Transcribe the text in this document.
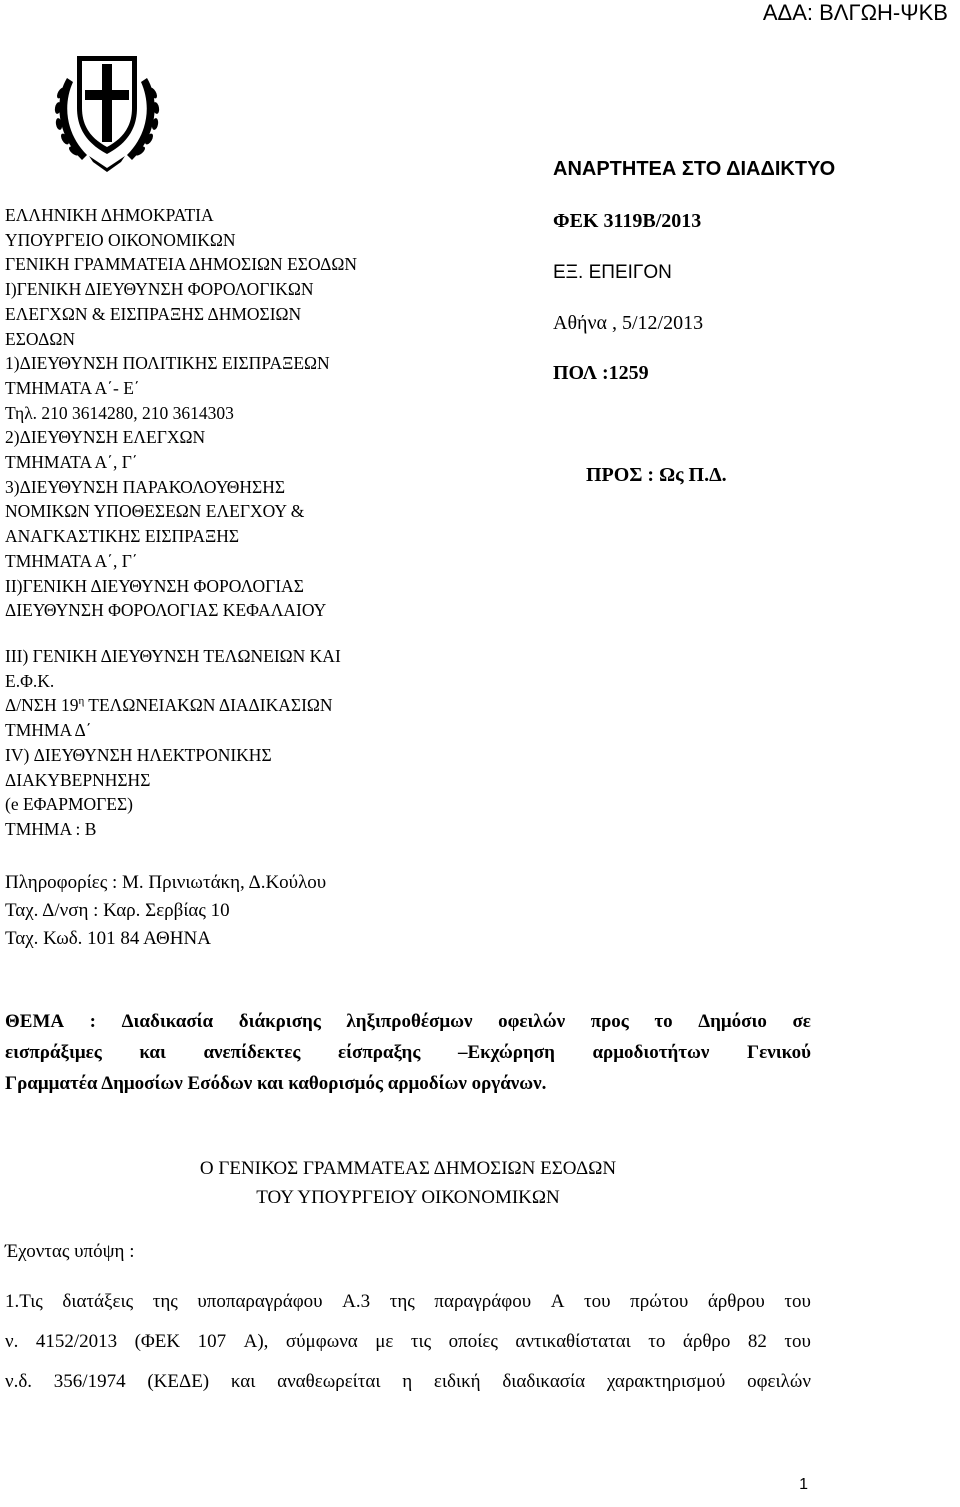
ΑΔΑ: ΒΛΓΩΗ-ΨΚΒ
ΕΛΛΗΝΙΚΗ ΔΗΜΟΚΡΑΤΙΑ
ΥΠΟΥΡΓΕΙΟ ΟΙΚΟΝΟΜΙΚΩΝ
ΓΕΝΙΚΗ ΓΡΑΜΜΑΤΕΙΑ ΔΗΜΟΣΙΩΝ ΕΣΟΔΩΝ
Ι)ΓΕΝΙΚΗ ΔΙΕΥΘΥΝΣΗ ΦΟΡΟΛΟΓΙΚΩΝ
ΕΛΕΓΧΩΝ & ΕΙΣΠΡΑΞΗΣ ΔΗΜΟΣΙΩΝ
ΕΣΟΔΩΝ
1)ΔΙΕΥΘΥΝΣΗ ΠΟΛΙΤΙΚΗΣ ΕΙΣΠΡΑΞΕΩΝ
ΤΜΗΜΑΤΑ Α΄- Ε΄
Τηλ. 210 3614280, 210 3614303
2)ΔΙΕΥΘΥΝΣΗ ΕΛΕΓΧΩΝ
ΤΜΗΜΑΤΑ Α΄, Γ΄
3)ΔΙΕΥΘΥΝΣΗ ΠΑΡΑΚΟΛΟΥΘΗΣΗΣ
ΝΟΜΙΚΩΝ ΥΠΟΘΕΣΕΩΝ ΕΛΕΓΧΟΥ &
ΑΝΑΓΚΑΣΤΙΚΗΣ ΕΙΣΠΡΑΞΗΣ
ΤΜΗΜΑΤΑ Α΄, Γ΄
ΙΙ)ΓΕΝΙΚΗ ΔΙΕΥΘΥΝΣΗ ΦΟΡΟΛΟΓΙΑΣ
ΔΙΕΥΘΥΝΣΗ ΦΟΡΟΛΟΓΙΑΣ ΚΕΦΑΛΑΙΟΥ
ΑΝΑΡΤΗΤΕΑ ΣΤΟ ΔΙΑΔΙΚΤΥΟ
ΦΕΚ 3119Β/2013
ΕΞ. ΕΠΕΙΓΟΝ
Αθήνα , 5/12/2013
ΠΟΛ :1259
ΠΡΟΣ : Ως Π.Δ.
ΙΙΙ) ΓΕΝΙΚΗ ΔΙΕΥΘΥΝΣΗ ΤΕΛΩΝΕΙΩΝ ΚΑΙ
Ε.Φ.Κ.
Δ/ΝΣΗ $19^\eta$ ΤΕΛΩΝΕΙΑΚΩΝ ΔΙΑΔΙΚΑΣΙΩΝ
ΤΜΗΜΑ Δ΄
ΙV) ΔΙΕΥΘΥΝΣΗ ΗΛΕΚΤΡΟΝΙΚΗΣ
ΔΙΑΚΥΒΕΡΝΗΣΗΣ
(e ΕΦΑΡΜΟΓΕΣ)
ΤΜΗΜΑ : Β
Πληροφορίες : Μ. Πρινιωτάκη, Δ.Κούλου
Ταχ. Δ/νση : Καρ. Σερβίας 10
Ταχ. Κωδ. 101 84 ΑΘΗΝΑ
ΘΕΜΑ : Διαδικασία διάκρισης ληξιπροθέσμων οφειλών προς το Δημόσιο σε
εισπράξιμες και ανεπίδεκτες είσπραξης –Εκχώρηση αρμοδιοτήτων Γενικού
Γραμματέα Δημοσίων Εσόδων και καθορισμός αρμοδίων οργάνων.
Ο ΓΕΝΙΚΟΣ ΓΡΑΜΜΑΤΕΑΣ ΔΗΜΟΣΙΩΝ ΕΣΟΔΩΝ
ΤΟΥ ΥΠΟΥΡΓΕΙΟΥ ΟΙΚΟΝΟΜΙΚΩΝ
Έχοντας υπόψη :
1.Τις διατάξεις της υποπαραγράφου Α.3 της παραγράφου Α του πρώτου άρθρου του
ν. 4152/2013 (ΦΕΚ 107 Α), σύμφωνα με τις οποίες αντικαθίσταται το άρθρο 82 του
ν.δ. 356/1974 (ΚΕΔΕ) και αναθεωρείται η ειδική διαδικασία χαρακτηρισμού οφειλών
1
